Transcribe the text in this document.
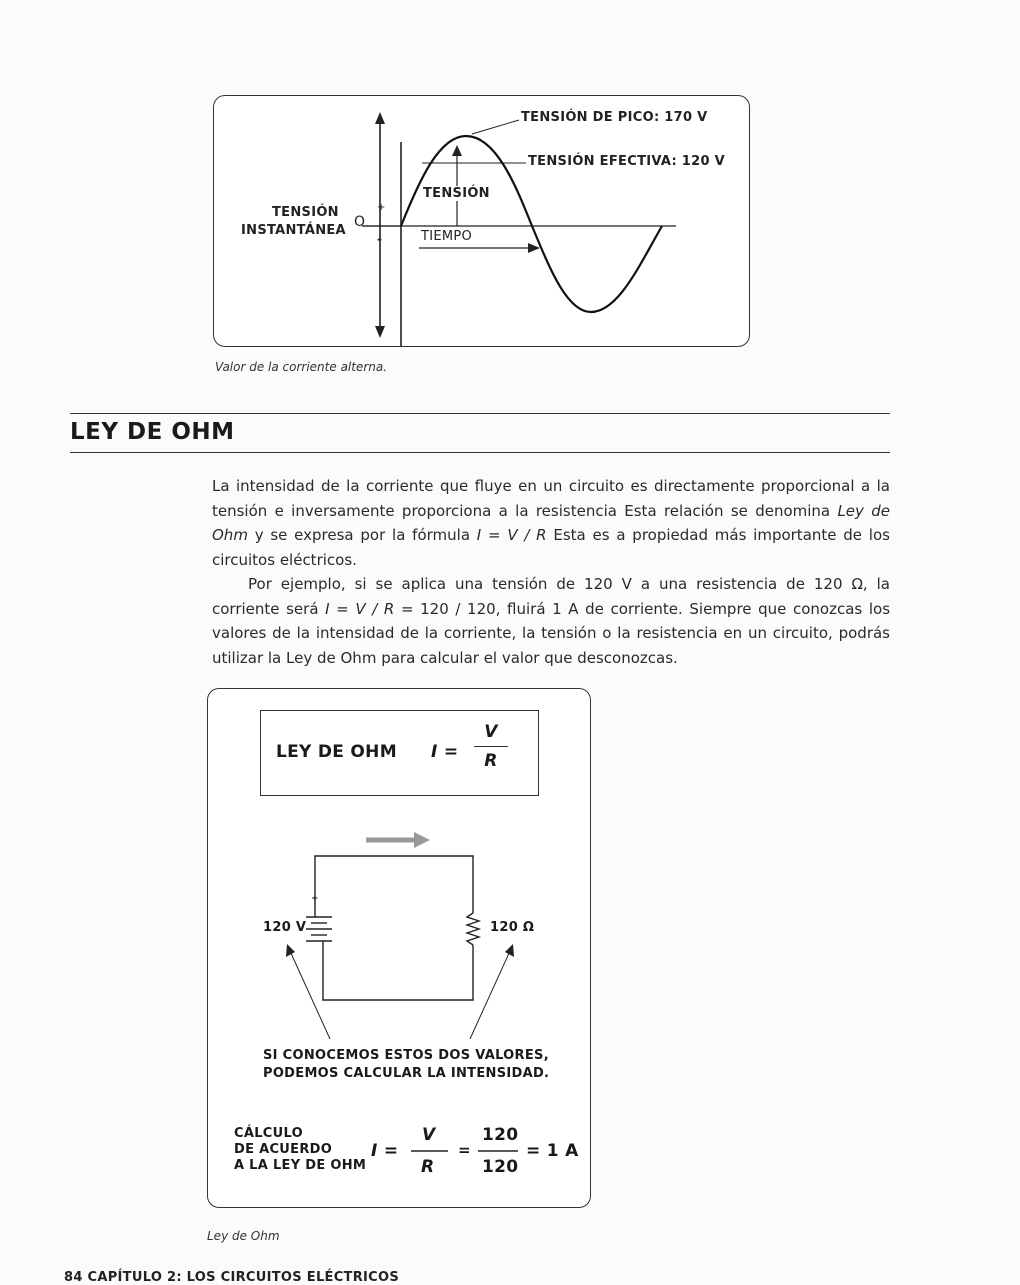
TENSIÓN DE PICO: 170 V
TENSIÓN EFECTIVA: 120 V
TENSIÓN
TIEMPO
TENSIÓN
INSTANTÁNEA
O
+
-
Valor de la corriente alterna.
LEY DE OHM

La intensidad de la corriente que fluye en un circuito es directamente proporcional a la tensión e inversamente proporciona a la resistencia Esta relación se denomina Ley de Ohm y se expresa por la fórmula I = V / R Esta es a propiedad más importante de los circuitos eléctricos.

Por ejemplo, si se aplica una tensión de 120 V a una resistencia de 120 Ω, la corriente será I = V / R = 120 / 120, fluirá 1 A de corriente. Siempre que conozcas los valores de la intensidad de la corriente, la tensión o la resistencia en un circuito, podrás utilizar la Ley de Ohm para calcular el valor que desconozcas.

LEY DE OHM I =
V
R
+
120 V	120 Ω
SI CONOCEMOS ESTOS DOS VALORES,
PODEMOS CALCULAR LA INTENSIDAD.
CÁLCULO
DE ACUERDO
A LA LEY DE OHM
I =
V
R
=
120
120
= 1 A
Ley de Ohm
84 CAPÍTULO 2: LOS CIRCUITOS ELÉCTRICOS
